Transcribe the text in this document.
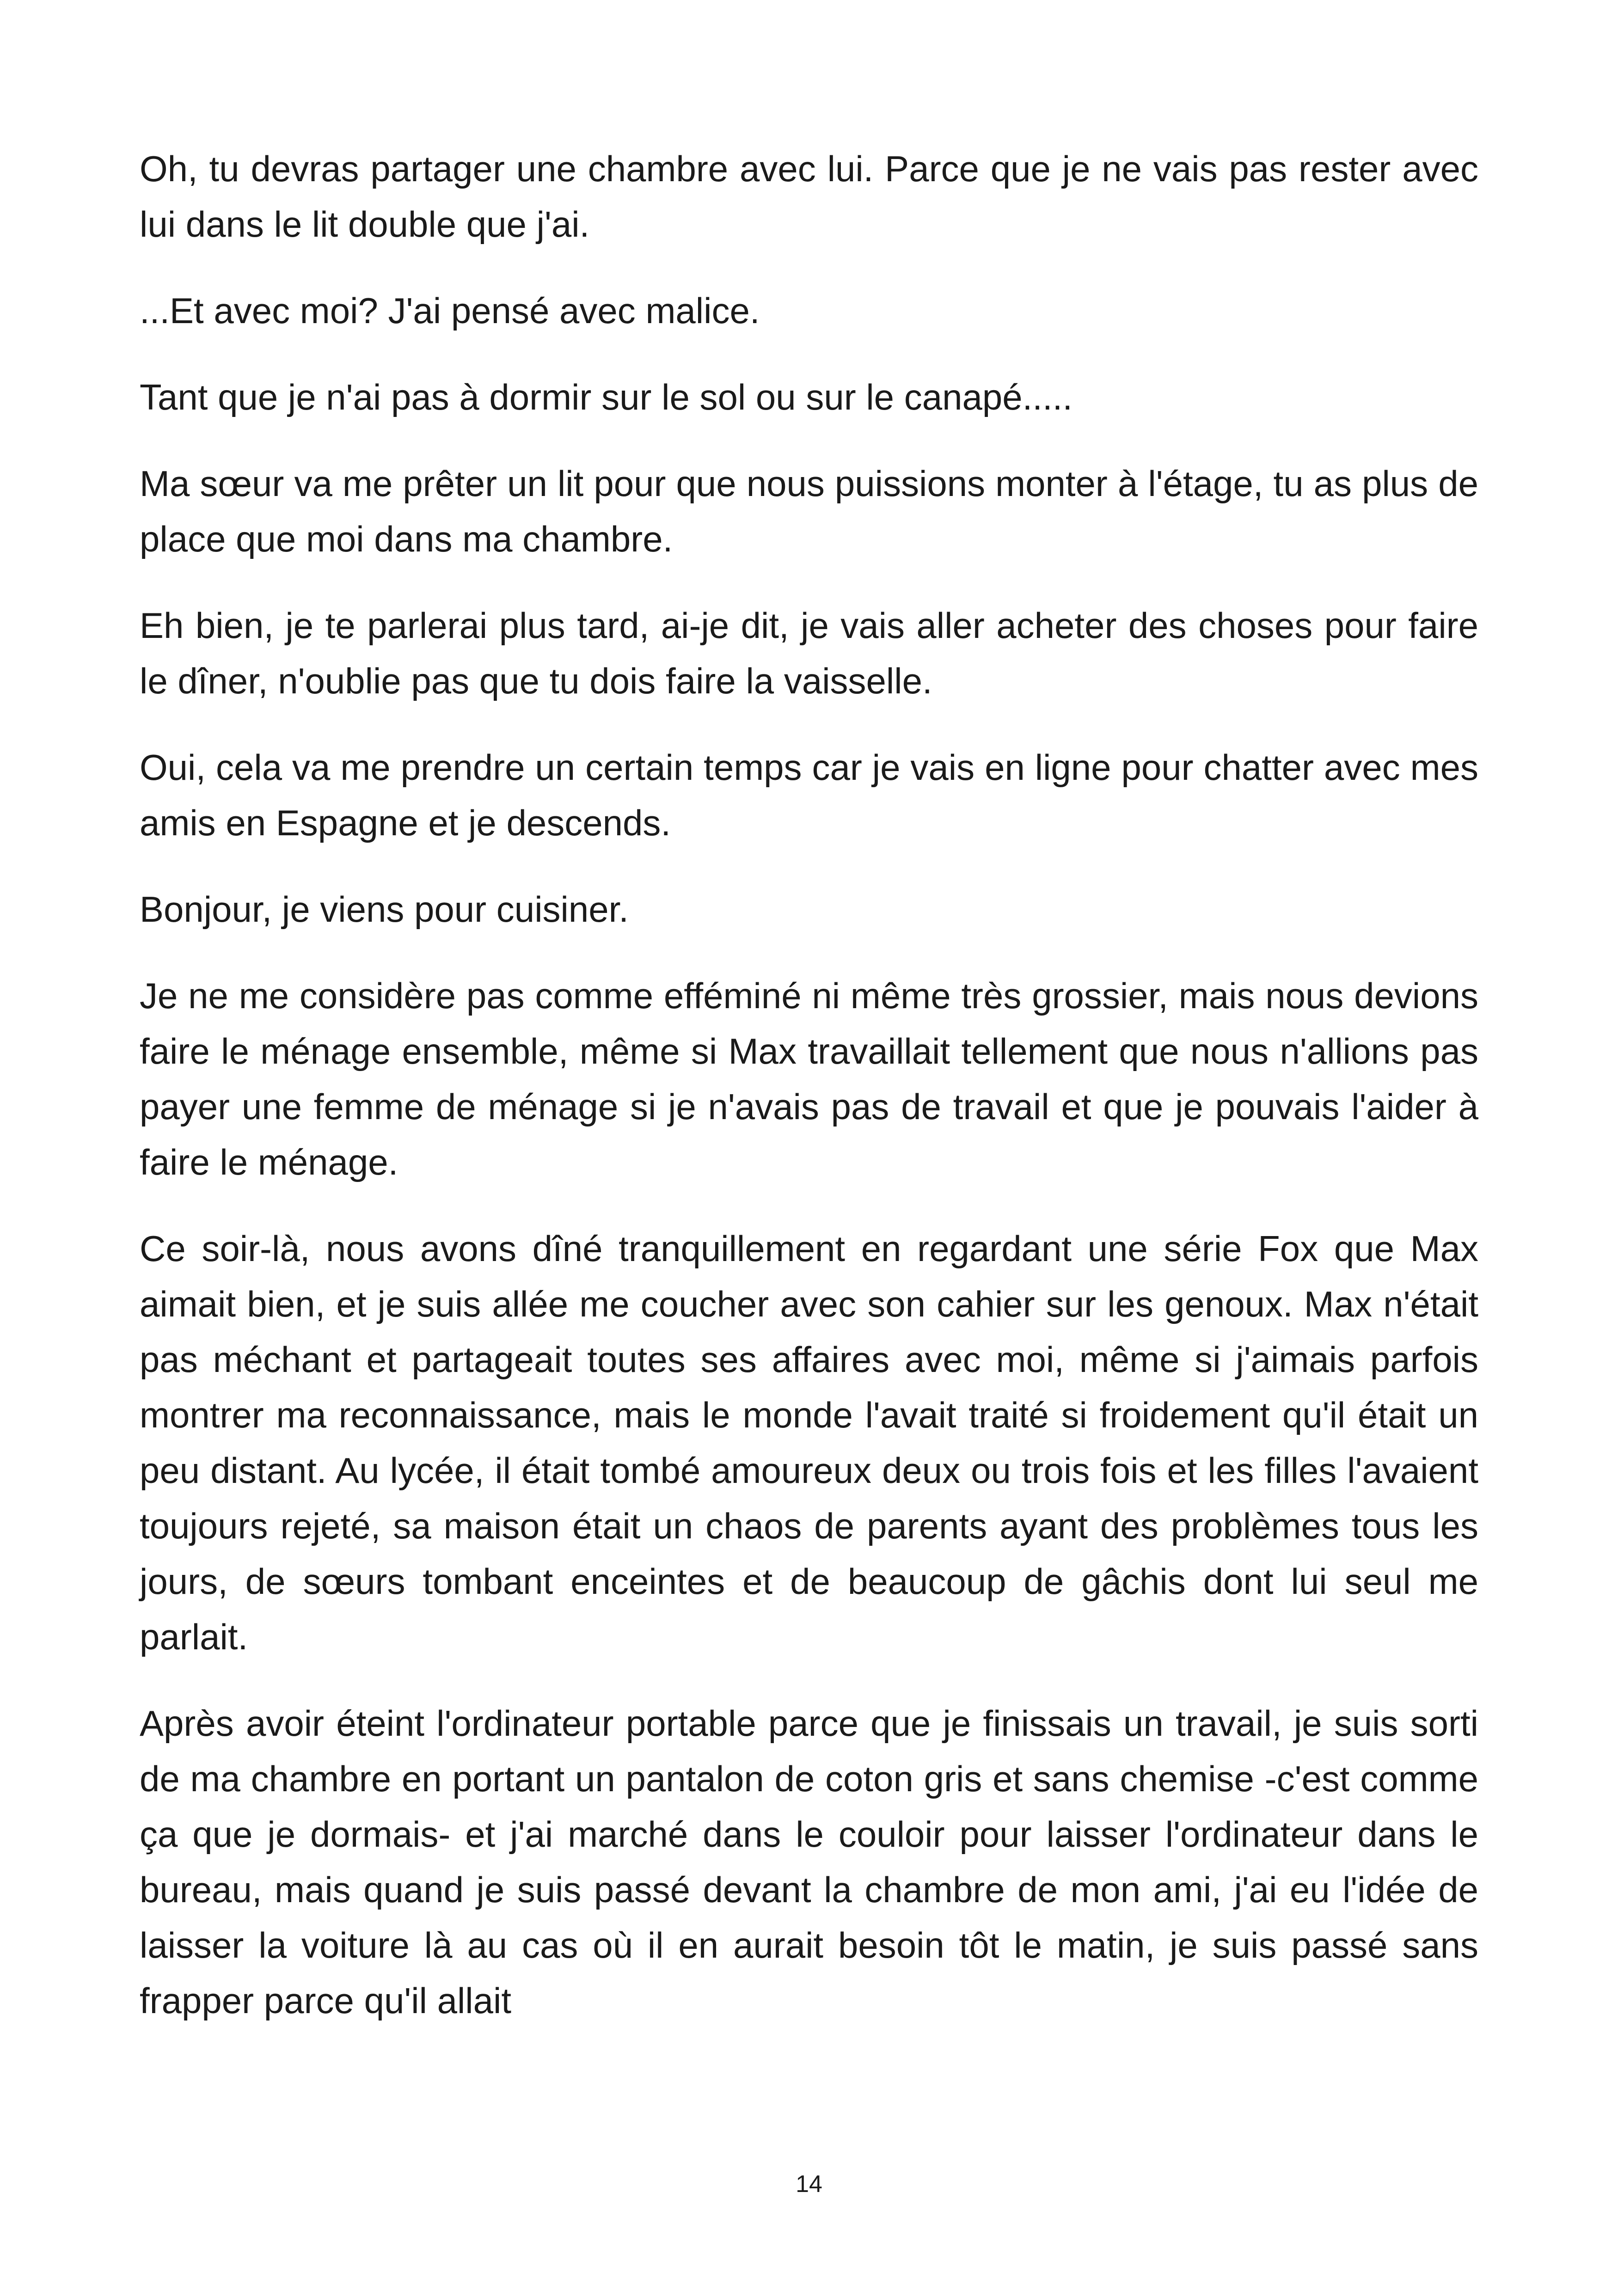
Oh, tu devras partager une chambre avec lui. Parce que je ne vais pas rester avec lui dans le lit double que j'ai.

...Et avec moi? J'ai pensé avec malice.

Tant que je n'ai pas à dormir sur le sol ou sur le canapé.....

Ma sœur va me prêter un lit pour que nous puissions monter à l'étage, tu as plus de place que moi dans ma chambre.

Eh bien, je te parlerai plus tard, ai-je dit, je vais aller acheter des choses pour faire le dîner, n'oublie pas que tu dois faire la vaisselle.

Oui, cela va me prendre un certain temps car je vais en ligne pour chatter avec mes amis en Espagne et je descends.

Bonjour, je viens pour cuisiner.

Je ne me considère pas comme efféminé ni même très grossier, mais nous devions faire le ménage ensemble, même si Max travaillait tellement que nous n'allions pas payer une femme de ménage si je n'avais pas de travail et que je pouvais l'aider à faire le ménage.

Ce soir-là, nous avons dîné tranquillement en regardant une série Fox que Max aimait bien, et je suis allée me coucher avec son cahier sur les genoux. Max n'était pas méchant et partageait toutes ses affaires avec moi, même si j'aimais parfois montrer ma reconnaissance, mais le monde l'avait traité si froidement qu'il était un peu distant. Au lycée, il était tombé amoureux deux ou trois fois et les filles l'avaient toujours rejeté, sa maison était un chaos de parents ayant des problèmes tous les jours, de sœurs tombant enceintes et de beaucoup de gâchis dont lui seul me parlait.

Après avoir éteint l'ordinateur portable parce que je finissais un travail, je suis sorti de ma chambre en portant un pantalon de coton gris et sans chemise -c'est comme ça que je dormais- et j'ai marché dans le couloir pour laisser l'ordinateur dans le bureau, mais quand je suis passé devant la chambre de mon ami, j'ai eu l'idée de laisser la voiture là au cas où il en aurait besoin tôt le matin, je suis passé sans frapper parce qu'il allait

14
